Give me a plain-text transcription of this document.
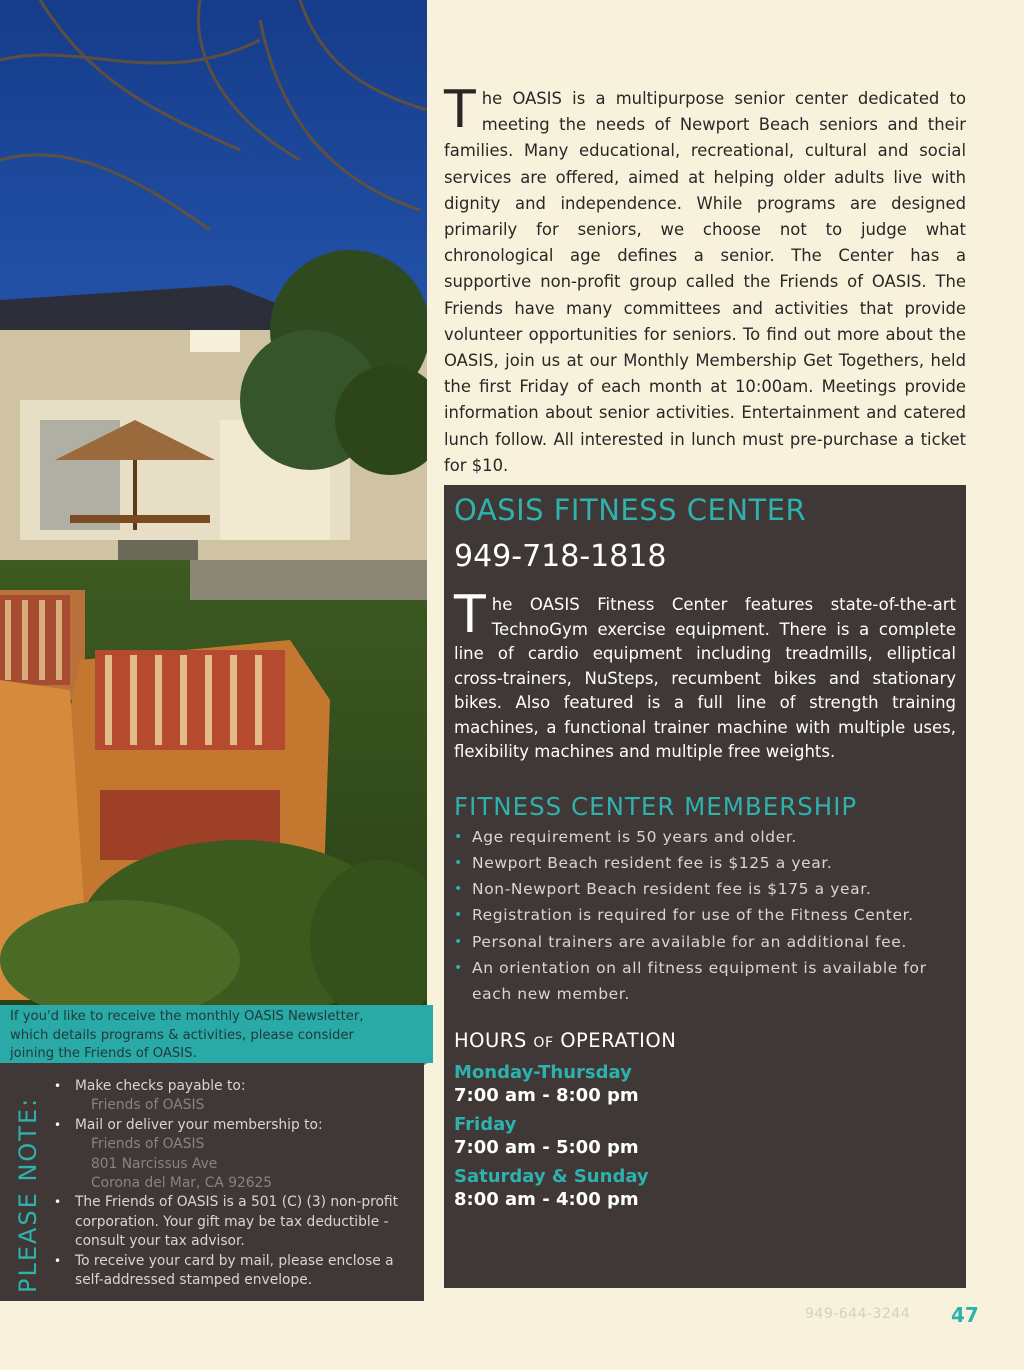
The OASIS is a multipurpose senior center dedicated to meeting the needs of Newport Beach seniors and their families. Many educational, recreational, cultural and social services are offered, aimed at helping older adults live with dignity and independence. While programs are designed primarily for seniors, we choose not to judge what chronological age defines a senior. The Center has a supportive non-profit group called the Friends of OASIS. The Friends have many committees and activities that provide volunteer opportunities for seniors. To find out more about the OASIS, join us at our Monthly Membership Get Togethers, held the first Friday of each month at 10:00am. Meetings provide information about senior activities. Entertainment and catered lunch follow. All interested in lunch must pre-purchase a ticket for $10.
OASIS FITNESS CENTER
949-718-1818
The OASIS Fitness Center features state-of-the-art TechnoGym exercise equipment. There is a complete line of cardio equipment including treadmills, elliptical cross-trainers, NuSteps, recumbent bikes and stationary bikes. Also featured is a full line of strength training machines, a functional trainer machine with multiple uses, flexibility machines and multiple free weights.
FITNESS CENTER MEMBERSHIP
• Age requirement is 50 years and older.
• Newport Beach resident fee is $125 a year.
• Non-Newport Beach resident fee is $175 a year.
• Registration is required for use of the Fitness Center.
• Personal trainers are available for an additional fee.
• An orientation on all fitness equipment is available for each new member.
HOURS OF OPERATION
Monday-Thursday
7:00 am - 8:00 pm
Friday
7:00 am - 5:00 pm
Saturday & Sunday
8:00 am - 4:00 pm
If you'd like to receive the monthly OASIS Newsletter, which details programs & activities, please consider joining the Friends of OASIS.
PLEASE NOTE:
• Make checks payable to:
Friends of OASIS
• Mail or deliver your membership to:
Friends of OASIS
801 Narcissus Ave
Corona del Mar, CA 92625
• The Friends of OASIS is a 501 (C) (3) non-profit corporation. Your gift may be tax deductible - consult your tax advisor.
• To receive your card by mail, please enclose a self-addressed stamped envelope.
949-644-3244 47
